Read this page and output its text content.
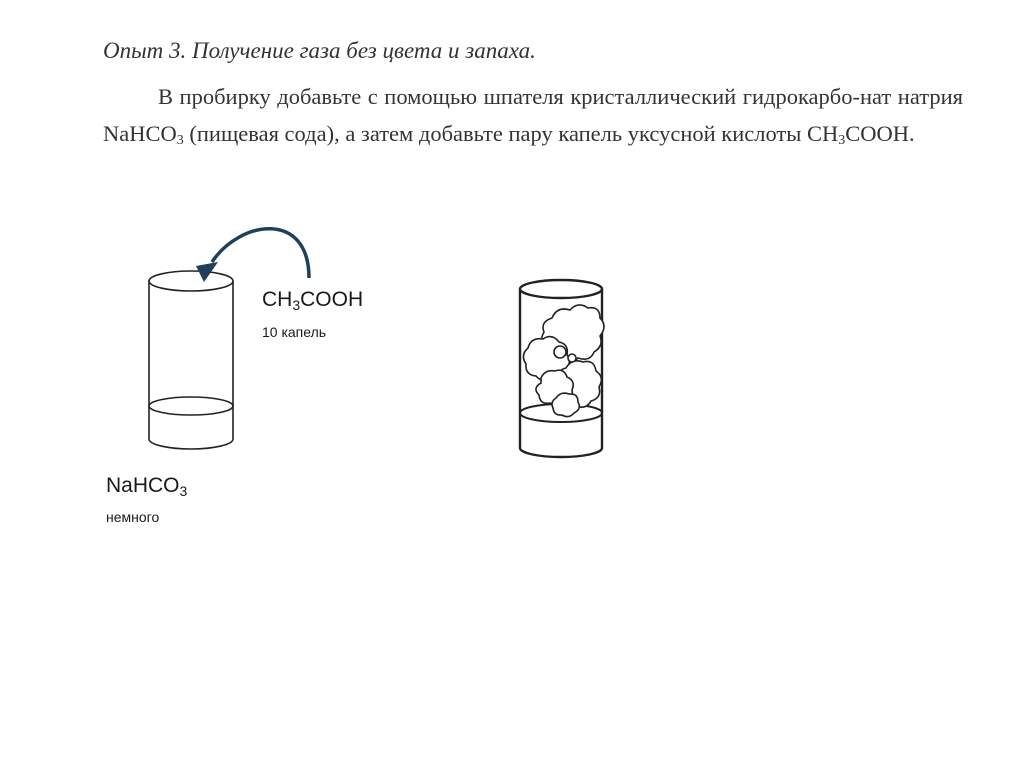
Опыт 3. Получение газа без цвета и запаха.
В пробирку добавьте с помощью шпателя кристаллический гидрокарбо-нат натрия NaHCO$_3$ (пищевая сода), а затем добавьте пару капель уксусной кислоты $CH_3COOH$.
$CH_3COOH$
10 капель
NaHCO$_3$
немного
